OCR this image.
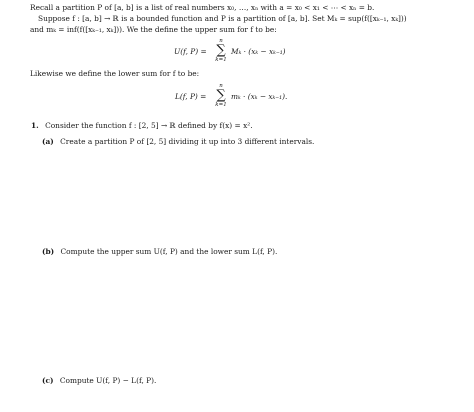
Recall a partition P of [a, b] is a list of real numbers x₀, …, xₙ with a = x₀ < x₁ < ⋯ < xₙ = b.
Suppose f : [a, b] → ℝ is a bounded function and P is a partition of [a, b]. Set Mₖ = sup(f([xₖ₋₁, xₖ]))
and mₖ = inf(f([xₖ₋₁, xₖ])). We the define the upper sum for f to be:
U(f, P) =
n
∑
k=1
Mₖ · (xₖ − xₖ₋₁)
Likewise we define the lower sum for f to be:
L(f, P) =
n
∑
k=1
mₖ · (xₖ − xₖ₋₁).
1. Consider the function f : [2, 5] → ℝ defined by f(x) = x².
(a) Create a partition P of [2, 5] dividing it up into 3 different intervals.
(b) Compute the upper sum U(f, P) and the lower sum L(f, P).
(c) Compute U(f, P) − L(f, P).
